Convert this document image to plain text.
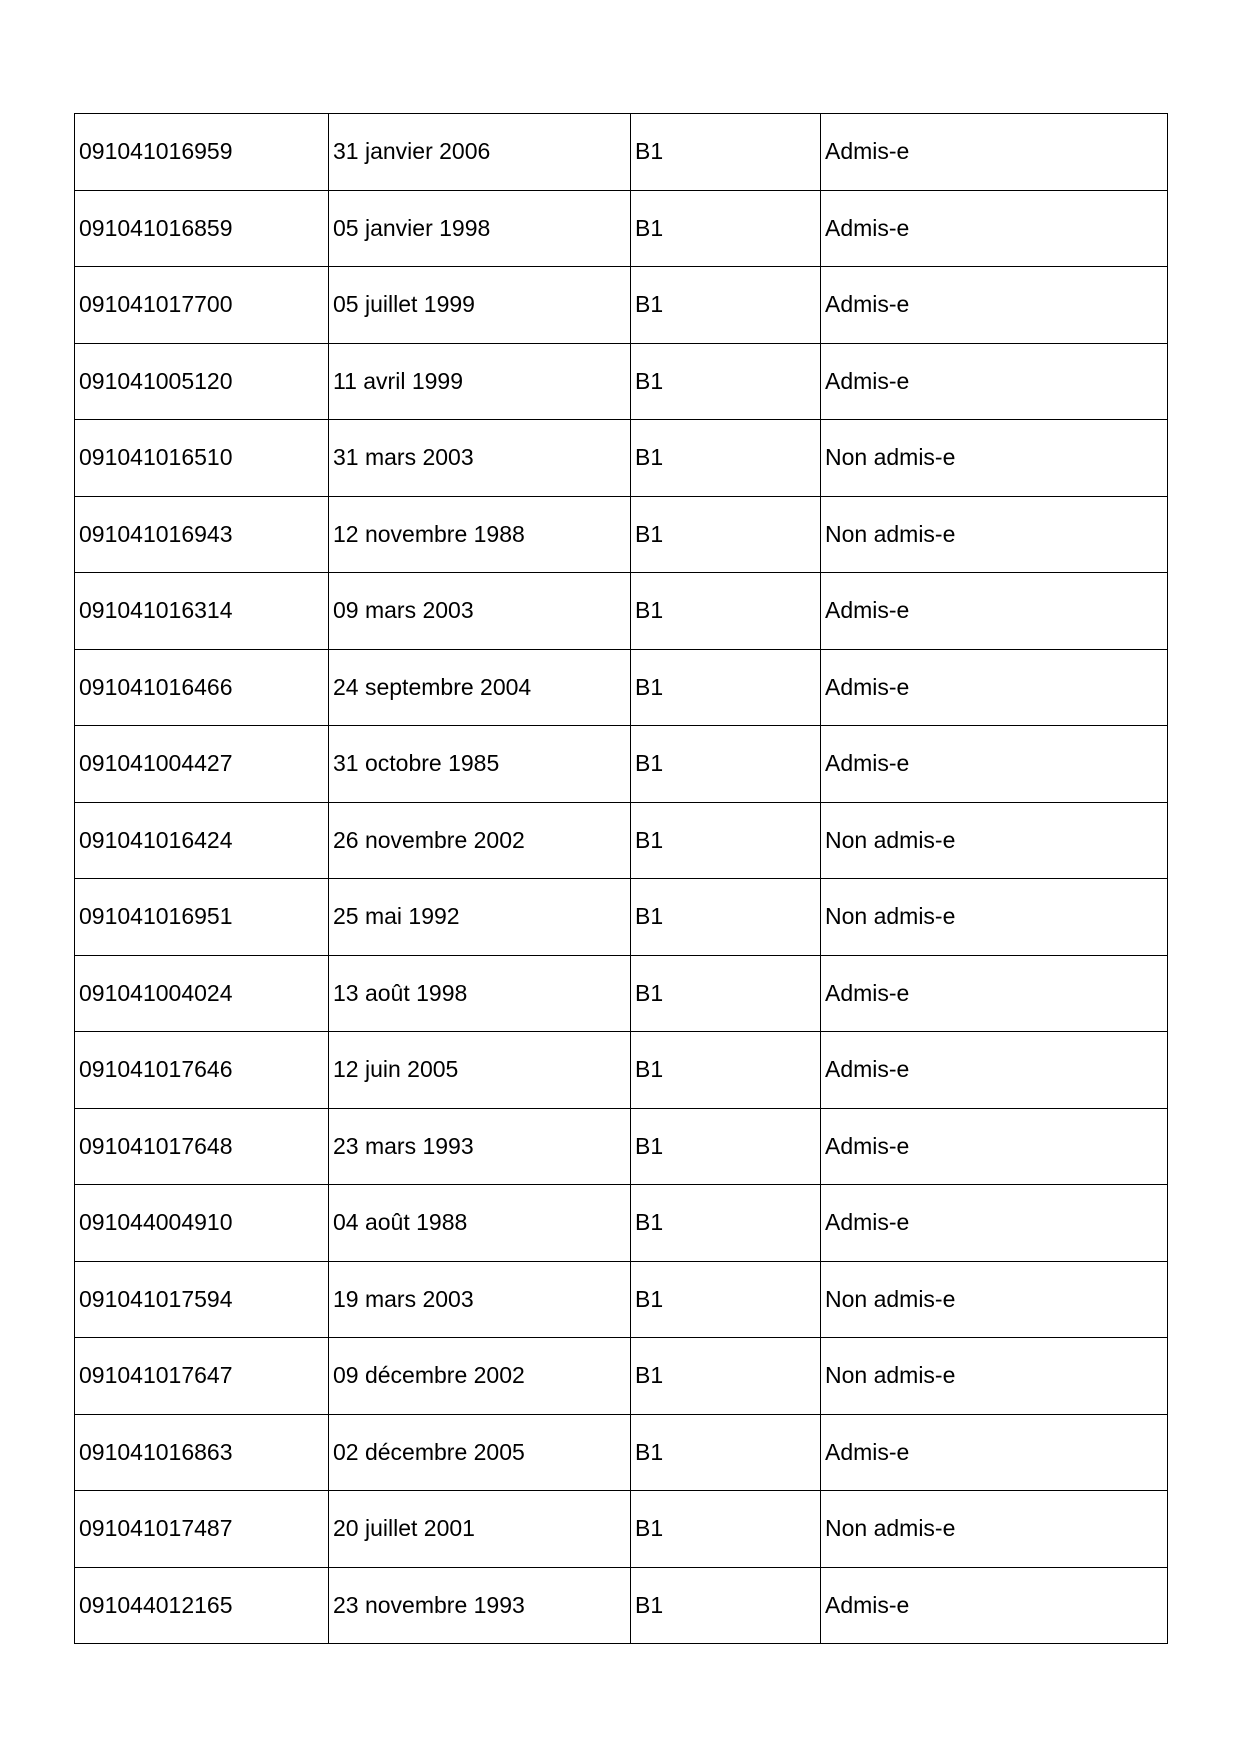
091041016959	31 janvier 2006	B1	Admis-e
091041016859	05 janvier 1998	B1	Admis-e
091041017700	05 juillet 1999	B1	Admis-e
091041005120	11 avril 1999	B1	Admis-e
091041016510	31 mars 2003	B1	Non admis-e
091041016943	12 novembre 1988	B1	Non admis-e
091041016314	09 mars 2003	B1	Admis-e
091041016466	24 septembre 2004	B1	Admis-e
091041004427	31 octobre 1985	B1	Admis-e
091041016424	26 novembre 2002	B1	Non admis-e
091041016951	25 mai 1992	B1	Non admis-e
091041004024	13 août 1998	B1	Admis-e
091041017646	12 juin 2005	B1	Admis-e
091041017648	23 mars 1993	B1	Admis-e
091044004910	04 août 1988	B1	Admis-e
091041017594	19 mars 2003	B1	Non admis-e
091041017647	09 décembre 2002	B1	Non admis-e
091041016863	02 décembre 2005	B1	Admis-e
091041017487	20 juillet 2001	B1	Non admis-e
091044012165	23 novembre 1993	B1	Admis-e
